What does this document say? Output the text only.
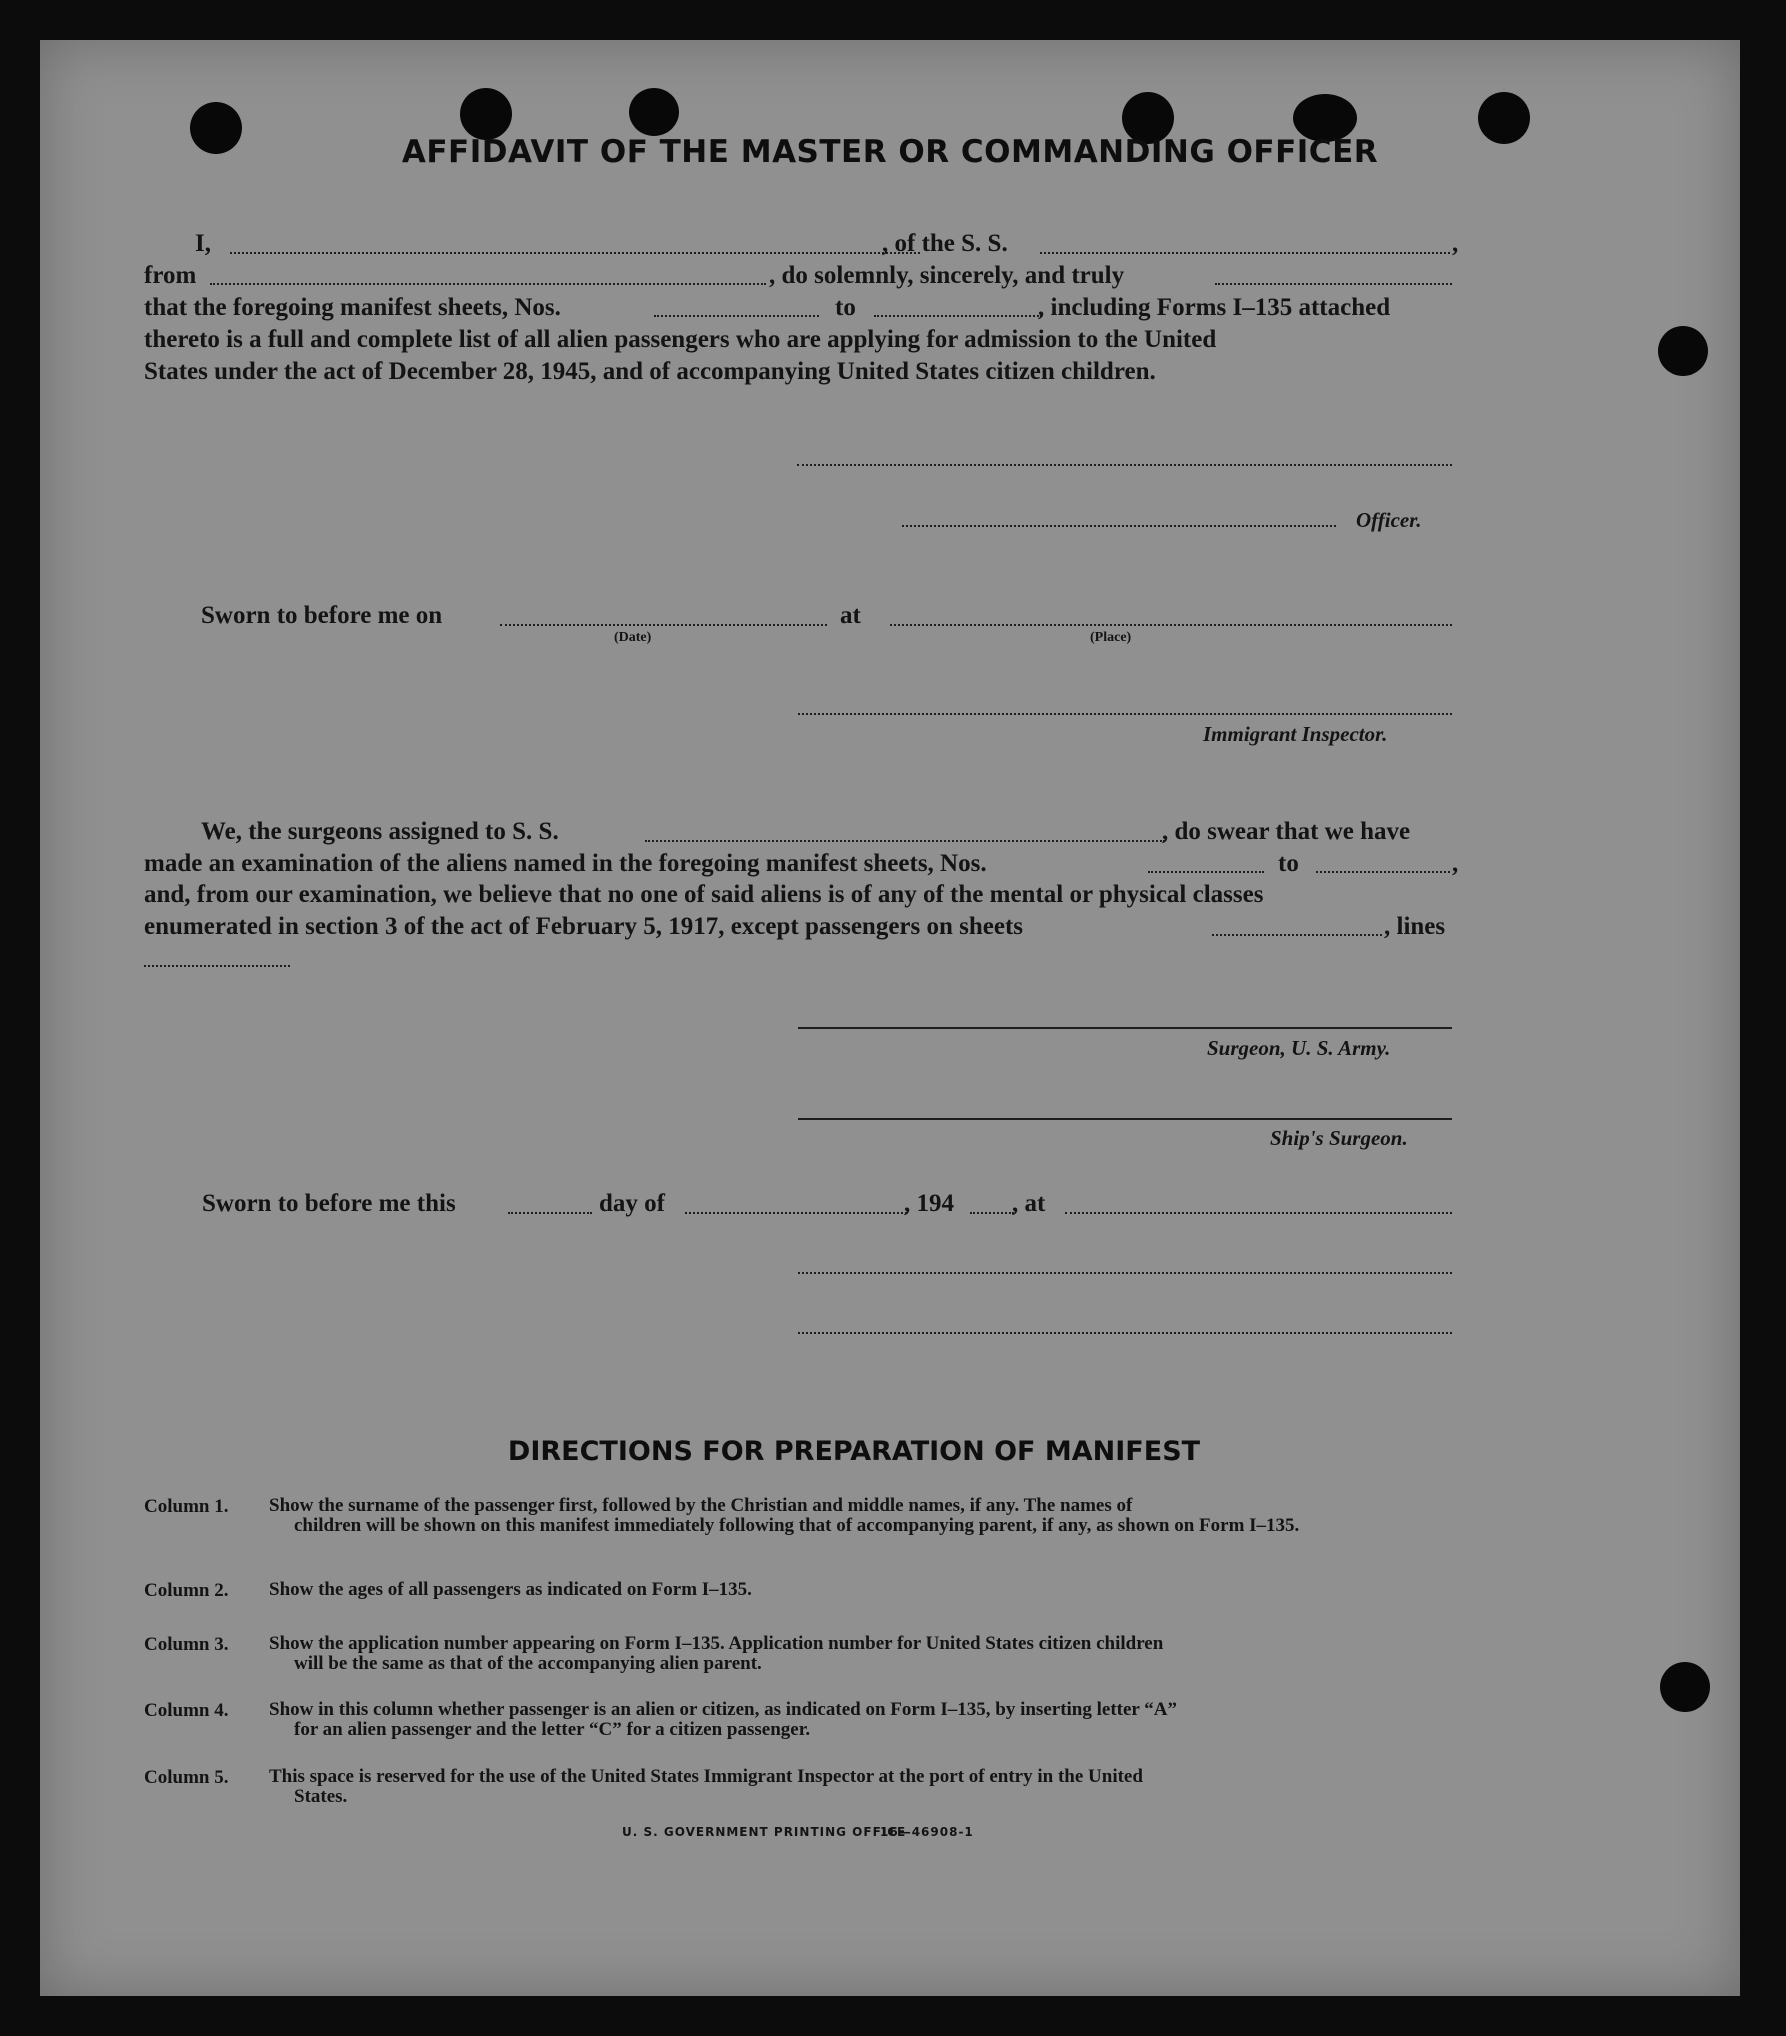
AFFIDAVIT OF THE MASTER OR COMMANDING OFFICER
I,	, of the S. S.	,
from	, do solemnly, sincerely, and truly
that the foregoing manifest sheets, Nos.	to	, including Forms I–135 attached
thereto is a full and complete list of all alien passengers who are applying for admission to the United
States under the act of December 28, 1945, and of accompanying United States citizen children.
Officer.
Sworn to before me on	at
(Date)	(Place)
Immigrant Inspector.
We, the surgeons assigned to S. S.	, do swear that we have
made an examination of the aliens named in the foregoing manifest sheets, Nos.	to	,
and, from our examination, we believe that no one of said aliens is of any of the mental or physical classes
enumerated in section 3 of the act of February 5, 1917, except passengers on sheets	, lines
Surgeon, U. S. Army.
Ship's Surgeon.
Sworn to before me this	day of	, 194 , at
DIRECTIONS FOR PREPARATION OF MANIFEST
Column 1. Show the surname of the passenger first, followed by the Christian and middle names, if any. The names of
children will be shown on this manifest immediately following that of accompanying parent, if any, as shown on Form I–135.
Column 2. Show the ages of all passengers as indicated on Form I–135.
Column 3. Show the application number appearing on Form I–135. Application number for United States citizen children
will be the same as that of the accompanying alien parent.
Column 4. Show in this column whether passenger is an alien or citizen, as indicated on Form I–135, by inserting letter “A”
for an alien passenger and the letter “C” for a citizen passenger.
Column 5. This space is reserved for the use of the United States Immigrant Inspector at the port of entry in the United
States.
U. S. GOVERNMENT PRINTING OFFICE
16—46908-1
